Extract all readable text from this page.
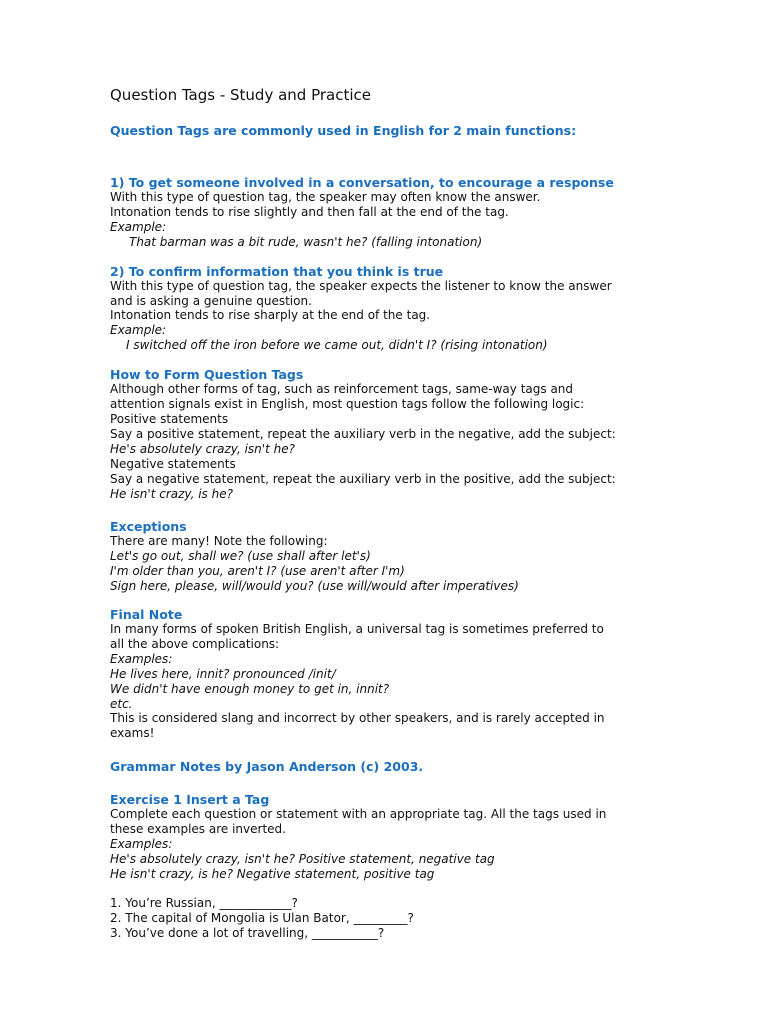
Question Tags - Study and Practice
Question Tags are commonly used in English for 2 main functions:
1) To get someone involved in a conversation, to encourage a response
With this type of question tag, the speaker may often know the answer.
Intonation tends to rise slightly and then fall at the end of the tag.
Example:
That barman was a bit rude, wasn't he? (falling intonation)
2) To confirm information that you think is true
With this type of question tag, the speaker expects the listener to know the answer
and is asking a genuine question.
Intonation tends to rise sharply at the end of the tag.
Example:
I switched off the iron before we came out, didn't I? (rising intonation)
How to Form Question Tags
Although other forms of tag, such as reinforcement tags, same-way tags and
attention signals exist in English, most question tags follow the following logic:
Positive statements
Say a positive statement, repeat the auxiliary verb in the negative, add the subject:
He's absolutely crazy, isn't he?
Negative statements
Say a negative statement, repeat the auxiliary verb in the positive, add the subject:
He isn't crazy, is he?
Exceptions
There are many! Note the following:
Let's go out, shall we? (use shall after let's)
I'm older than you, aren't I? (use aren't after I'm)
Sign here, please, will/would you? (use will/would after imperatives)
Final Note
In many forms of spoken British English, a universal tag is sometimes preferred to
all the above complications:
Examples:
He lives here, innit? pronounced /init/
We didn't have enough money to get in, innit?
etc.
This is considered slang and incorrect by other speakers, and is rarely accepted in
exams!
Grammar Notes by Jason Anderson (c) 2003.
Exercise 1 Insert a Tag
Complete each question or statement with an appropriate tag. All the tags used in
these examples are inverted.
Examples:
He's absolutely crazy, isn't he? Positive statement, negative tag
He isn't crazy, is he? Negative statement, positive tag
1. You’re Russian, ____________?
2. The capital of Mongolia is Ulan Bator, _________?
3. You’ve done a lot of travelling, ___________?
